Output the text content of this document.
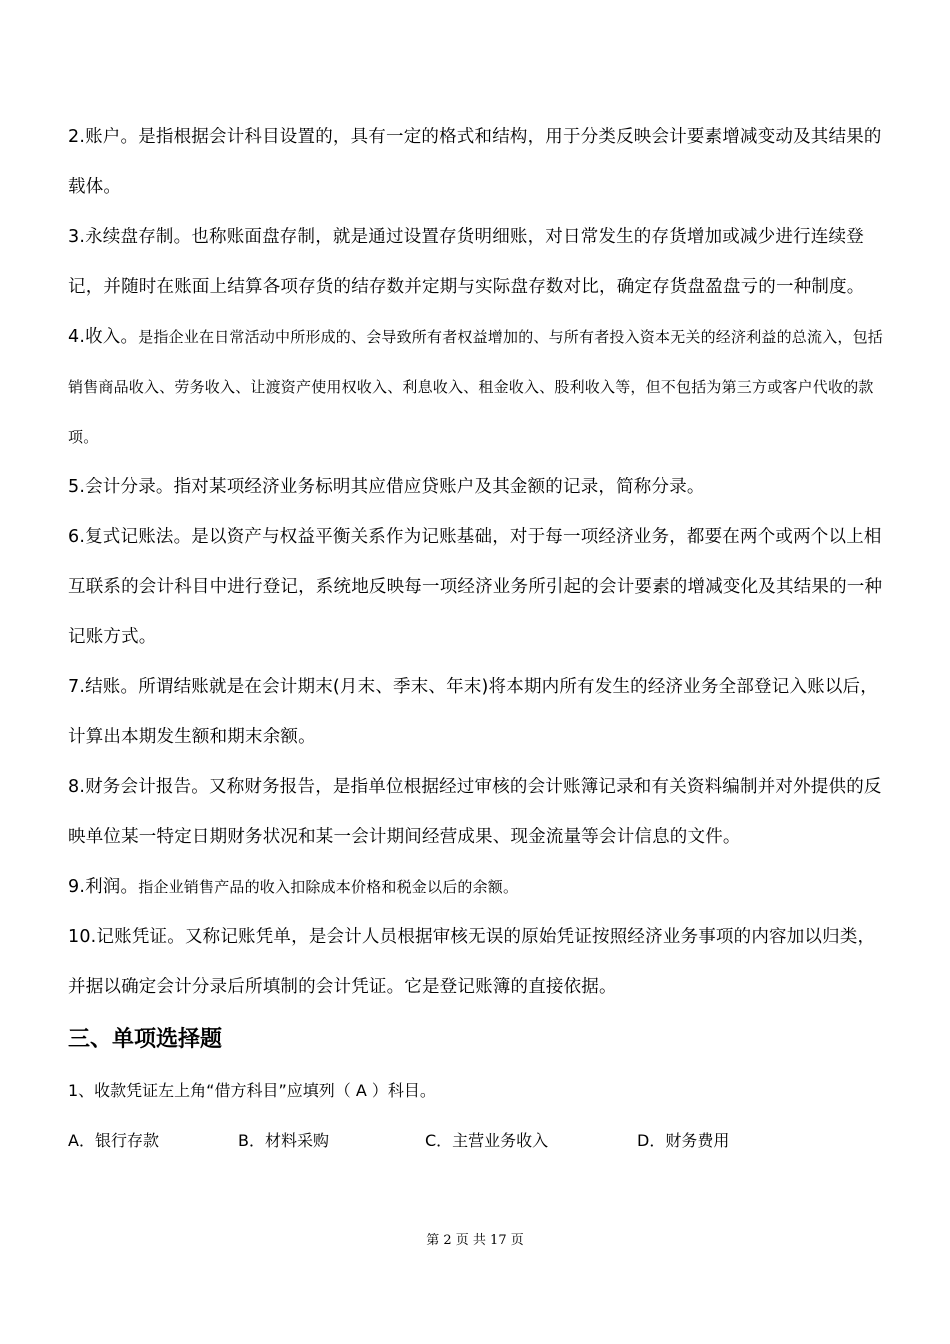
2.账户。是指根据会计科目设置的，具有一定的格式和结构，用于分类反映会计要素增减变动及其结果的载体。

3.永续盘存制。也称账面盘存制，就是通过设置存货明细账，对日常发生的存货增加或减少进行连续登记，并随时在账面上结算各项存货的结存数并定期与实际盘存数对比，确定存货盘盈盘亏的一种制度。

4.收入。是指企业在日常活动中所形成的、会导致所有者权益增加的、与所有者投入资本无关的经济利益的总流入，包括销售商品收入、劳务收入、让渡资产使用权收入、利息收入、租金收入、股利收入等，但不包括为第三方或客户代收的款项。

5.会计分录。指对某项经济业务标明其应借应贷账户及其金额的记录，简称分录。

6.复式记账法。是以资产与权益平衡关系作为记账基础，对于每一项经济业务，都要在两个或两个以上相互联系的会计科目中进行登记，系统地反映每一项经济业务所引起的会计要素的增减变化及其结果的一种记账方式。

7.结账。所谓结账就是在会计期末(月末、季末、年末)将本期内所有发生的经济业务全部登记入账以后，计算出本期发生额和期末余额。

8.财务会计报告。又称财务报告，是指单位根据经过审核的会计账簿记录和有关资料编制并对外提供的反映单位某一特定日期财务状况和某一会计期间经营成果、现金流量等会计信息的文件。

9.利润。指企业销售产品的收入扣除成本价格和税金以后的余额。

10.记账凭证。又称记账凭单，是会计人员根据审核无误的原始凭证按照经济业务事项的内容加以归类，并据以确定会计分录后所填制的会计凭证。它是登记账簿的直接依据。

三、单项选择题

1、收款凭证左上角“借方科目”应填列（ A ）科目。

A．银行存款	B．材料采购	C．主营业务收入	D．财务费用
第 2 页 共 17 页
